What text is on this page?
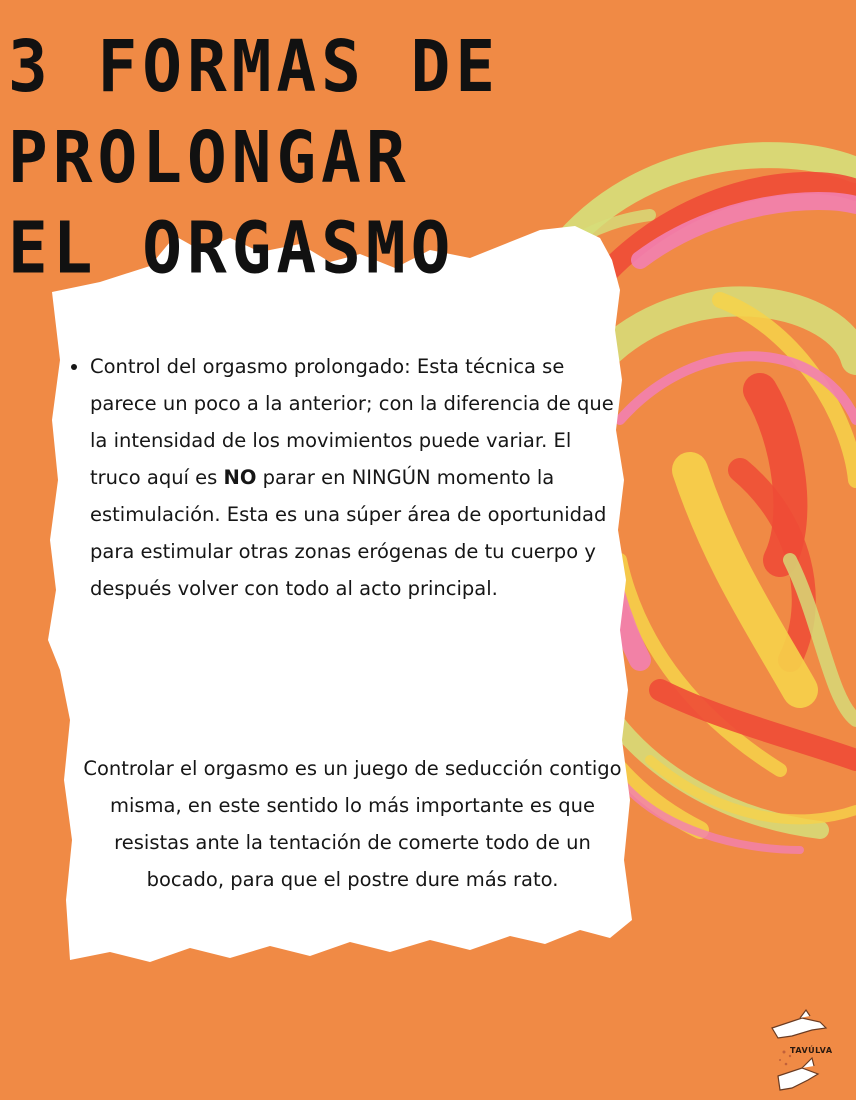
3 FORMAS DE PROLONGAR
EL ORGASMO
• Control del orgasmo prolongado: Esta técnica se parece un poco a la anterior; con la diferencia de que la intensidad de los movimientos puede variar. El truco aquí es NO parar en NINGÚN momento la estimulación. Esta es una súper área de oportunidad para estimular otras zonas erógenas de tu cuerpo y después volver con todo al acto principal.
Controlar el orgasmo es un juego de seducción contigo misma, en este sentido lo más importante es que resistas ante la tentación de comerte todo de un bocado, para que el postre dure más rato.
TAVÚLVA
